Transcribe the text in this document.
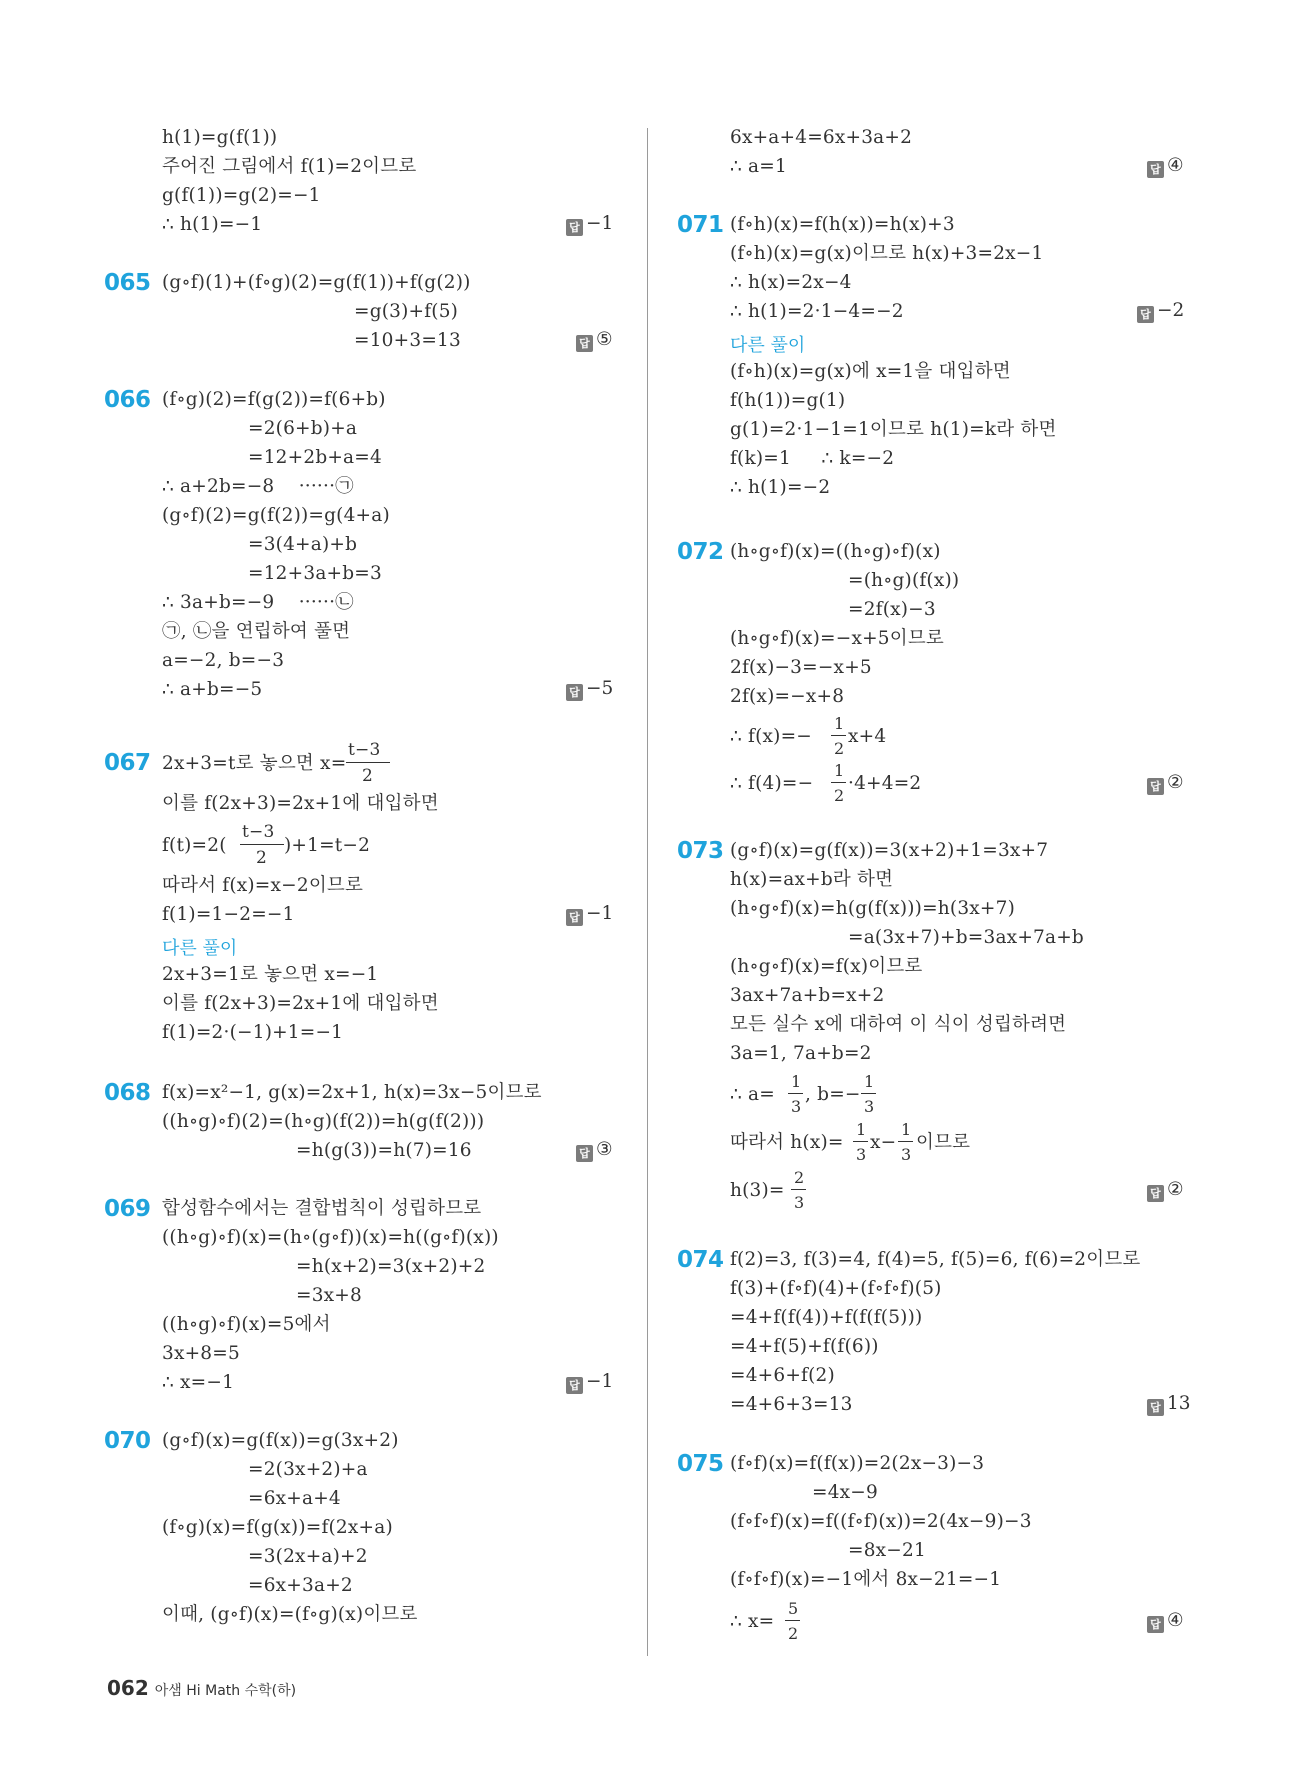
h(1)=g(f(1))
주어진 그림에서 f(1)=2이므로
g(f(1))=g(2)=−1
∴ h(1)=−1	답 −1
065 (g∘f)(1)+(f∘g)(2)=g(f(1))+f(g(2))
=g(3)+f(5)
=10+3=13	답 ⑤
066 (f∘g)(2)=f(g(2))=f(6+b)
=2(6+b)+a
=12+2b+a=4
∴ a+2b=−8    ······㉠
(g∘f)(2)=g(f(2))=g(4+a)
=3(4+a)+b
=12+3a+b=3
∴ 3a+b=−9    ······㉡
㉠, ㉡을 연립하여 풀면
a=−2, b=−3
∴ a+b=−5	답 −5
067 2x+3=t로 놓으면 x=
t−3
2
이를 f(2x+3)=2x+1에 대입하면
f(t)=2(
t−3
2
)+1=t−2
따라서 f(x)=x−2이므로
f(1)=1−2=−1	답 −1
다른 풀이
2x+3=1로 놓으면 x=−1
이를 f(2x+3)=2x+1에 대입하면
f(1)=2·(−1)+1=−1
068 f(x)=x²−1, g(x)=2x+1, h(x)=3x−5이므로
((h∘g)∘f)(2)=(h∘g)(f(2))=h(g(f(2)))
=h(g(3))=h(7)=16	답 ③
069 합성함수에서는 결합법칙이 성립하므로
((h∘g)∘f)(x)=(h∘(g∘f))(x)=h((g∘f)(x))
=h(x+2)=3(x+2)+2
=3x+8
((h∘g)∘f)(x)=5에서
3x+8=5
∴ x=−1	답 −1
070 (g∘f)(x)=g(f(x))=g(3x+2)
=2(3x+2)+a
=6x+a+4
(f∘g)(x)=f(g(x))=f(2x+a)
=3(2x+a)+2
=6x+3a+2
이때, (g∘f)(x)=(f∘g)(x)이므로
6x+a+4=6x+3a+2
∴ a=1	답 ④
071 (f∘h)(x)=f(h(x))=h(x)+3
(f∘h)(x)=g(x)이므로 h(x)+3=2x−1
∴ h(x)=2x−4
∴ h(1)=2·1−4=−2	답 −2
다른 풀이
(f∘h)(x)=g(x)에 x=1을 대입하면
f(h(1))=g(1)
g(1)=2·1−1=1이므로 h(1)=k라 하면
f(k)=1     ∴ k=−2
∴ h(1)=−2
072 (h∘g∘f)(x)=((h∘g)∘f)(x)
=(h∘g)(f(x))
=2f(x)−3
(h∘g∘f)(x)=−x+5이므로
2f(x)−3=−x+5
2f(x)=−x+8
∴ f(x)=−
1
2
x+4
∴ f(4)=−
1
2
·4+4=2	답 ②
073 (g∘f)(x)=g(f(x))=3(x+2)+1=3x+7
h(x)=ax+b라 하면
(h∘g∘f)(x)=h(g(f(x)))=h(3x+7)
=a(3x+7)+b=3ax+7a+b
(h∘g∘f)(x)=f(x)이므로
3ax+7a+b=x+2
모든 실수 x에 대하여 이 식이 성립하려면
3a=1, 7a+b=2
∴ a=
1
3
, b=−
1
3
따라서 h(x)=
1
3
x−
1
3
이므로
h(3)=
2
3	답 ②
074 f(2)=3, f(3)=4, f(4)=5, f(5)=6, f(6)=2이므로
f(3)+(f∘f)(4)+(f∘f∘f)(5)
=4+f(f(4))+f(f(f(5)))
=4+f(5)+f(f(6))
=4+6+f(2)
=4+6+3=13	답 13
075 (f∘f)(x)=f(f(x))=2(2x−3)−3
=4x−9
(f∘f∘f)(x)=f((f∘f)(x))=2(4x−9)−3
=8x−21
(f∘f∘f)(x)=−1에서 8x−21=−1
∴ x=
5
2	답 ④
062 아샘 Hi Math 수학(하)
